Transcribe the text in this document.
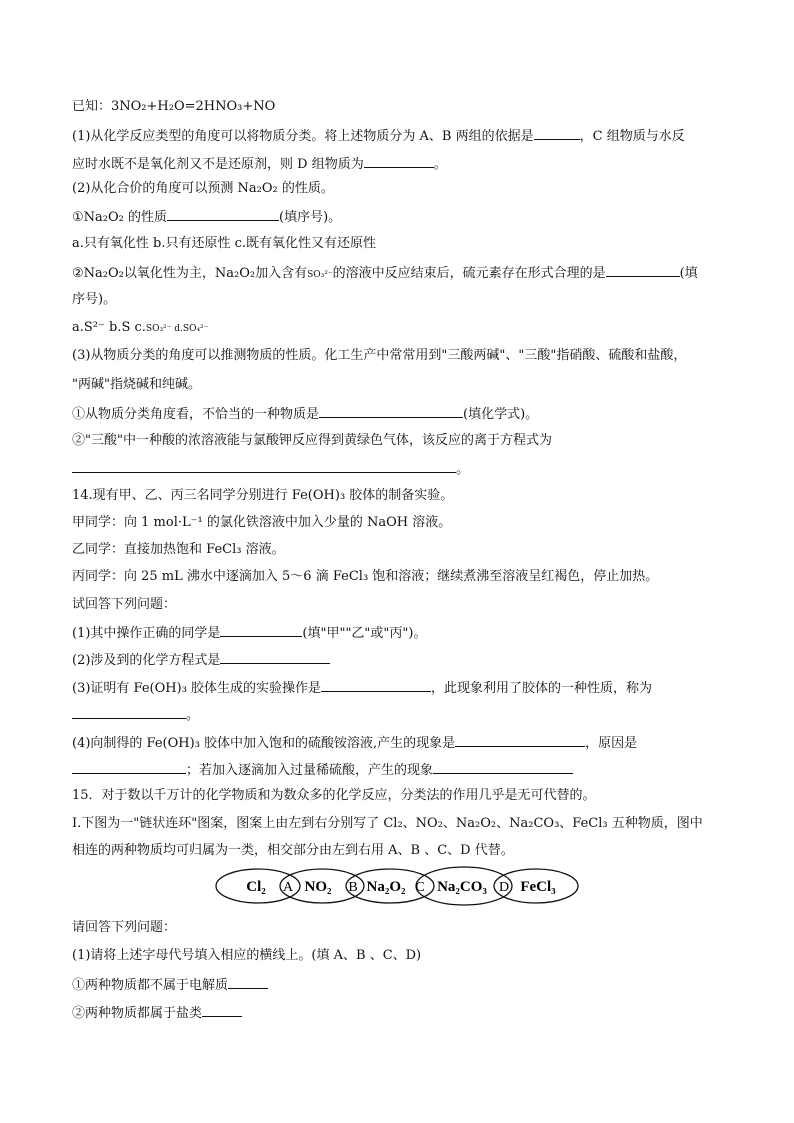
已知：3NO₂+H₂O=2HNO₃+NO
(1)从化学反应类型的角度可以将物质分类。将上述物质分为 A、B 两组的依据是	，C 组物质与水反
应时水既不是氧化剂又不是还原剂，则 D 组物质为	。
(2)从化合价的角度可以预测 Na₂O₂ 的性质。
①Na₂O₂ 的性质	(填序号)。
a.只有氧化性 b.只有还原性 c.既有氧化性又有还原性
②Na₂O₂以氧化性为主，Na₂O₂加入含有SO₃²⁻的溶液中反应结束后，硫元素存在形式合理的是	(填
序号)。
a.S²⁻ b.S c.SO₃²⁻ d.SO₄²⁻
(3)从物质分类的角度可以推测物质的性质。化工生产中常常用到"三酸两碱"、"三酸"指硝酸、硫酸和盐酸，
"两碱"指烧碱和纯碱。
①从物质分类角度看，不恰当的一种物质是	(填化学式)。
②"三酸"中一种酸的浓溶液能与氯酸钾反应得到黄绿色气体，该反应的离于方程式为
。
14.现有甲、乙、丙三名同学分别进行 Fe(OH)₃ 胶体的制备实验。
甲同学：向 1 mol·L⁻¹ 的氯化铁溶液中加入少量的 NaOH 溶液。
乙同学：直接加热饱和 FeCl₃ 溶液。
丙同学：向 25 mL 沸水中逐滴加入 5～6 滴 FeCl₃ 饱和溶液；继续煮沸至溶液呈红褐色，停止加热。
试回答下列问题：
(1)其中操作正确的同学是	(填"甲""乙"或"丙")。
(2)涉及到的化学方程式是
(3)证明有 Fe(OH)₃ 胶体生成的实验操作是	，此现象利用了胶体的一种性质，称为
。
(4)向制得的 Fe(OH)₃ 胶体中加入饱和的硫酸铵溶液,产生的现象是	，原因是
；若加入逐滴加入过量稀硫酸，产生的现象
15．对于数以千万计的化学物质和为数众多的化学反应，分类法的作用几乎是无可代替的。
Ⅰ.下图为一"链状连环"图案，图案上由左到右分别写了 Cl₂、NO₂、Na₂O₂、Na₂CO₃、FeCl₃ 五种物质，图中
相连的两种物质均可归属为一类，相交部分由左到右用 A、B 、C、D 代替。
Cl₂	NO₂ Na₂O₂ Na₂CO₃ FeCl₃
A	B	C	D
请回答下列问题：
(1)请将上述字母代号填入相应的横线上。(填 A、B 、C、D)
①两种物质都不属于电解质
②两种物质都属于盐类
